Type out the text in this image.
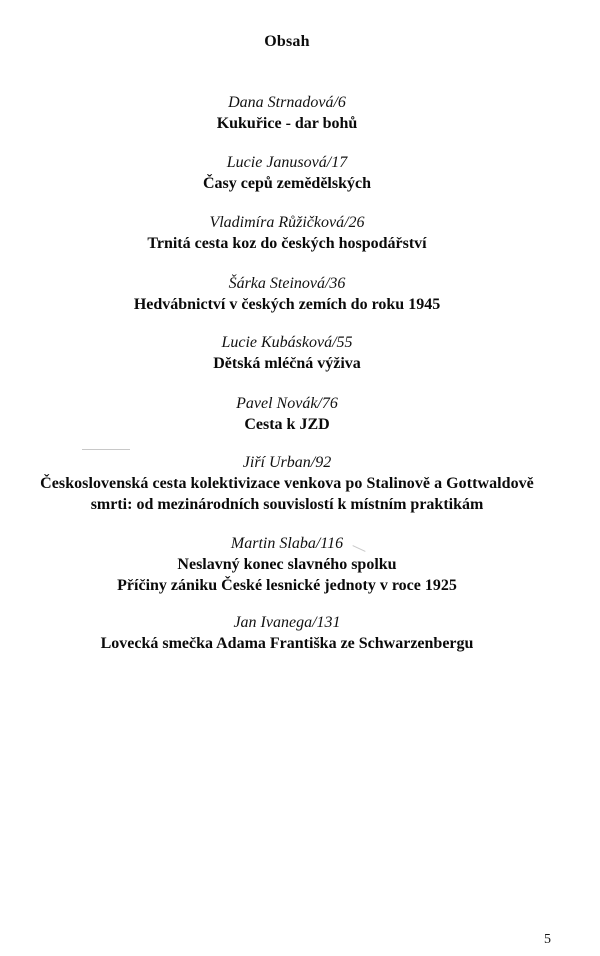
Obsah
Dana Strnadová/6
Kukuřice - dar bohů
Lucie Janusová/17
Časy cepů zemědělských
Vladimíra Růžičková/26
Trnitá cesta koz do českých hospodářství
Šárka Steinová/36
Hedvábnictví v českých zemích do roku 1945
Lucie Kubásková/55
Dětská mléčná výživa
Pavel Novák/76
Cesta k JZD
Jiří Urban/92
Československá cesta kolektivizace venkova po Stalinově a Gottwaldově
smrti: od mezinárodních souvislostí k místním praktikám
Martin Slaba/116
Neslavný konec slavného spolku
Příčiny zániku České lesnické jednoty v roce 1925
Jan Ivanega/131
Lovecká smečka Adama Františka ze Schwarzenbergu
5
